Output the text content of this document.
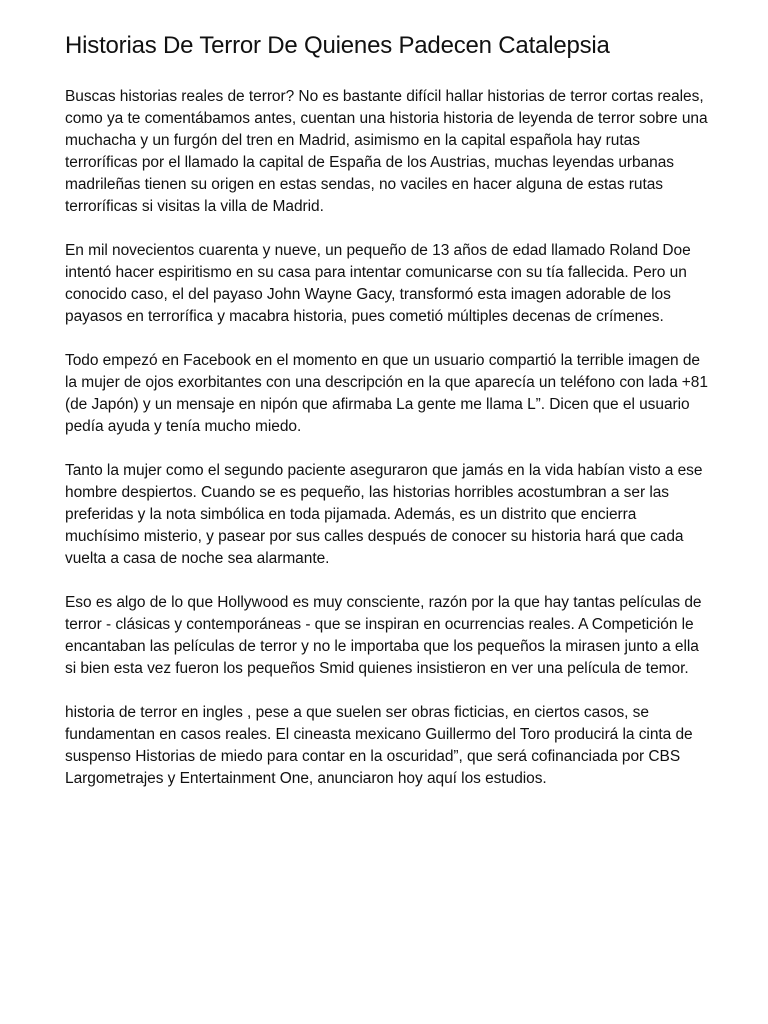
Historias De Terror De Quienes Padecen Catalepsia

Buscas historias reales de terror? No es bastante difícil hallar historias de terror cortas reales, como ya te comentábamos antes, cuentan una historia historia de leyenda de terror sobre una muchacha y un furgón del tren en Madrid, asimismo en la capital española hay rutas terroríficas por el llamado la capital de España de los Austrias, muchas leyendas urbanas madrileñas tienen su origen en estas sendas, no vaciles en hacer alguna de estas rutas terroríficas si visitas la villa de Madrid.

En mil novecientos cuarenta y nueve, un pequeño de 13 años de edad llamado Roland Doe intentó hacer espiritismo en su casa para intentar comunicarse con su tía fallecida. Pero un conocido caso, el del payaso John Wayne Gacy, transformó esta imagen adorable de los payasos en terrorífica y macabra historia, pues cometió múltiples decenas de crímenes.

Todo empezó en Facebook en el momento en que un usuario compartió la terrible imagen de la mujer de ojos exorbitantes con una descripción en la que aparecía un teléfono con lada +81 (de Japón) y un mensaje en nipón que afirmaba La gente me llama L”. Dicen que el usuario pedía ayuda y tenía mucho miedo.

Tanto la mujer como el segundo paciente aseguraron que jamás en la vida habían visto a ese hombre despiertos. Cuando se es pequeño, las historias horribles acostumbran a ser las preferidas y la nota simbólica en toda pijamada. Además, es un distrito que encierra muchísimo misterio, y pasear por sus calles después de conocer su historia hará que cada vuelta a casa de noche sea alarmante.

Eso es algo de lo que Hollywood es muy consciente, razón por la que hay tantas películas de terror - clásicas y contemporáneas - que se inspiran en ocurrencias reales. A Competición le encantaban las películas de terror y no le importaba que los pequeños la mirasen junto a ella si bien esta vez fueron los pequeños Smid quienes insistieron en ver una película de temor.

historia de terror en ingles , pese a que suelen ser obras ficticias, en ciertos casos, se fundamentan en casos reales. El cineasta mexicano Guillermo del Toro producirá la cinta de suspenso Historias de miedo para contar en la oscuridad”, que será cofinanciada por CBS Largometrajes y Entertainment One, anunciaron hoy aquí los estudios.
